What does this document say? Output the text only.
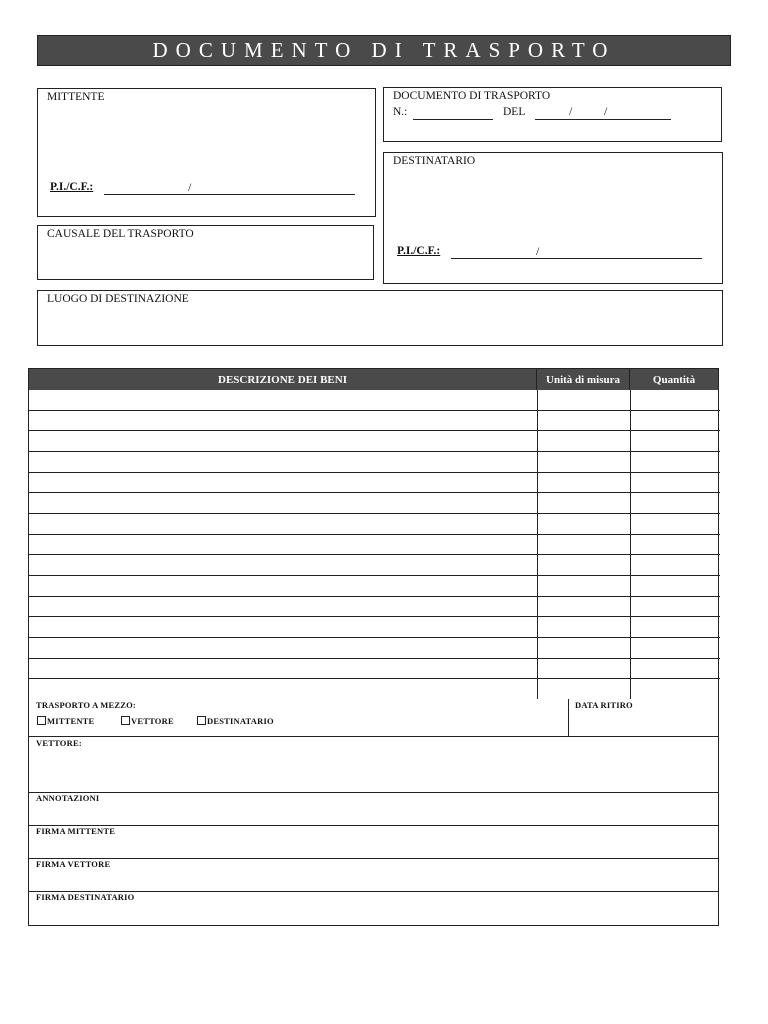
DOCUMENTO DI TRASPORTO
MITTENTE
P.I./C.F.:	/
DOCUMENTO DI TRASPORTO
N.:	DEL	/	/
DESTINATARIO
P.I./C.F.:	/
CAUSALE DEL TRASPORTO
LUOGO DI DESTINAZIONE
DESCRIZIONE DEI BENI	Unità di misura	Quantità
TRASPORTO A MEZZO:
MITTENTE	VETTORE	DESTINATARIO
DATA RITIRO
VETTORE:
ANNOTAZIONI
FIRMA MITTENTE
FIRMA VETTORE
FIRMA DESTINATARIO
